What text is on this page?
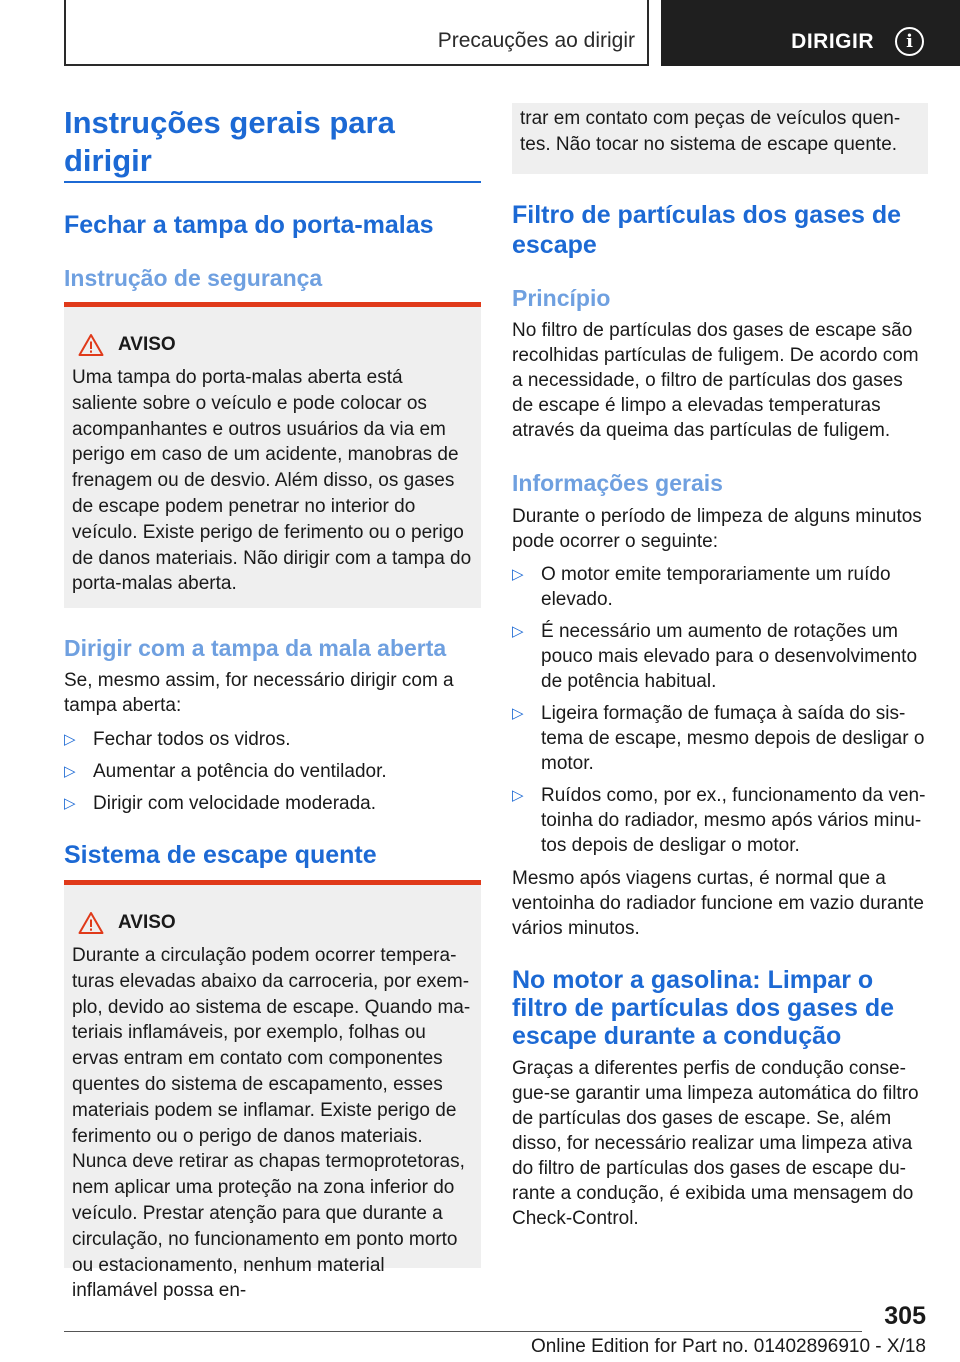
Precauções ao dirigir	DIRIGIR	i
Instruções gerais para dirigir
Fechar a tampa do porta-malas
Instrução de segurança
AVISO
Uma tampa do porta-malas aberta está saliente sobre o veículo e pode colocar os acompanhantes e outros usuários da via em perigo em caso de um acidente, manobras de frenagem ou de desvio. Além disso, os gases de escape podem penetrar no interior do veículo. Existe perigo de ferimento ou o perigo de danos materiais. Não dirigir com a tampa do porta-malas aberta.
Dirigir com a tampa da mala aberta
Se, mesmo assim, for necessário dirigir com a tampa aberta:
▷ Fechar todos os vidros.
▷ Aumentar a potência do ventilador.
▷ Dirigir com velocidade moderada.
Sistema de escape quente
AVISO
Durante a circulação podem ocorrer temperaturas elevadas abaixo da carroceria, por exemplo, devido ao sistema de escape. Quando materiais inflamáveis, por exemplo, folhas ou ervas entram em contato com componentes quentes do sistema de escapamento, esses materiais podem se inflamar. Existe perigo de ferimento ou o perigo de danos materiais. Nunca deve retirar as chapas termoprotetoras, nem aplicar uma proteção na zona inferior do veículo. Prestar atenção para que durante a circulação, no funcionamento em ponto morto ou estacionamento, nenhum material inflamável possa en-
trar em contato com peças de veículos quentes. Não tocar no sistema de escape quente.
Filtro de partículas dos gases de escape
Princípio
No filtro de partículas dos gases de escape são recolhidas partículas de fuligem. De acordo com a necessidade, o filtro de partículas dos gases de escape é limpo a elevadas temperaturas através da queima das partículas de fuligem.
Informações gerais
Durante o período de limpeza de alguns minutos pode ocorrer o seguinte:
▷ O motor emite temporariamente um ruído elevado.
▷ É necessário um aumento de rotações um pouco mais elevado para o desenvolvimento de potência habitual.
▷ Ligeira formação de fumaça à saída do sistema de escape, mesmo depois de desligar o motor.
▷ Ruídos como, por ex., funcionamento da ventoinha do radiador, mesmo após vários minutos depois de desligar o motor.
Mesmo após viagens curtas, é normal que a ventoinha do radiador funcione em vazio durante vários minutos.
No motor a gasolina: Limpar o filtro de partículas dos gases de escape durante a condução
Graças a diferentes perfis de condução consegue-se garantir uma limpeza automática do filtro de partículas dos gases de escape. Se, além disso, for necessário realizar uma limpeza ativa do filtro de partículas dos gases de escape durante a condução, é exibida uma mensagem do Check-Control.
305
Online Edition for Part no. 01402896910 - X/18
